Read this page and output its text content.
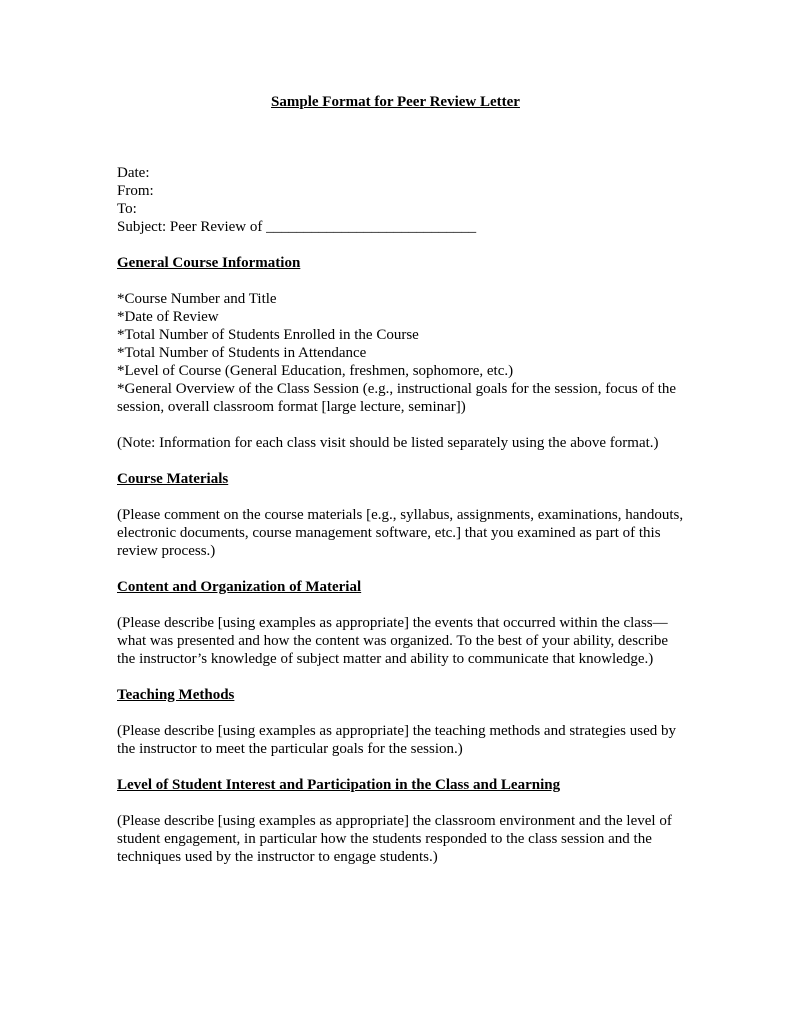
Sample Format for Peer Review Letter

Date:

From:

To:

Subject: Peer Review of ____________________________

General Course Information

*Course Number and Title

*Date of Review

*Total Number of Students Enrolled in the Course

*Total Number of Students in Attendance

*Level of Course (General Education, freshmen, sophomore, etc.)

*General Overview of the Class Session (e.g., instructional goals for the session, focus of the session, overall classroom format [large lecture, seminar])

(Note: Information for each class visit should be listed separately using the above format.)

Course Materials

(Please comment on the course materials [e.g., syllabus, assignments, examinations, handouts, electronic documents, course management software, etc.] that you examined as part of this review process.)

Content and Organization of Material

(Please describe [using examples as appropriate] the events that occurred within the class—what was presented and how the content was organized. To the best of your ability, describe the instructor’s knowledge of subject matter and ability to communicate that knowledge.)

Teaching Methods

(Please describe [using examples as appropriate] the teaching methods and strategies used by the instructor to meet the particular goals for the session.)

Level of Student Interest and Participation in the Class and Learning

(Please describe [using examples as appropriate] the classroom environment and the level of student engagement, in particular how the students responded to the class session and the techniques used by the instructor to engage students.)
